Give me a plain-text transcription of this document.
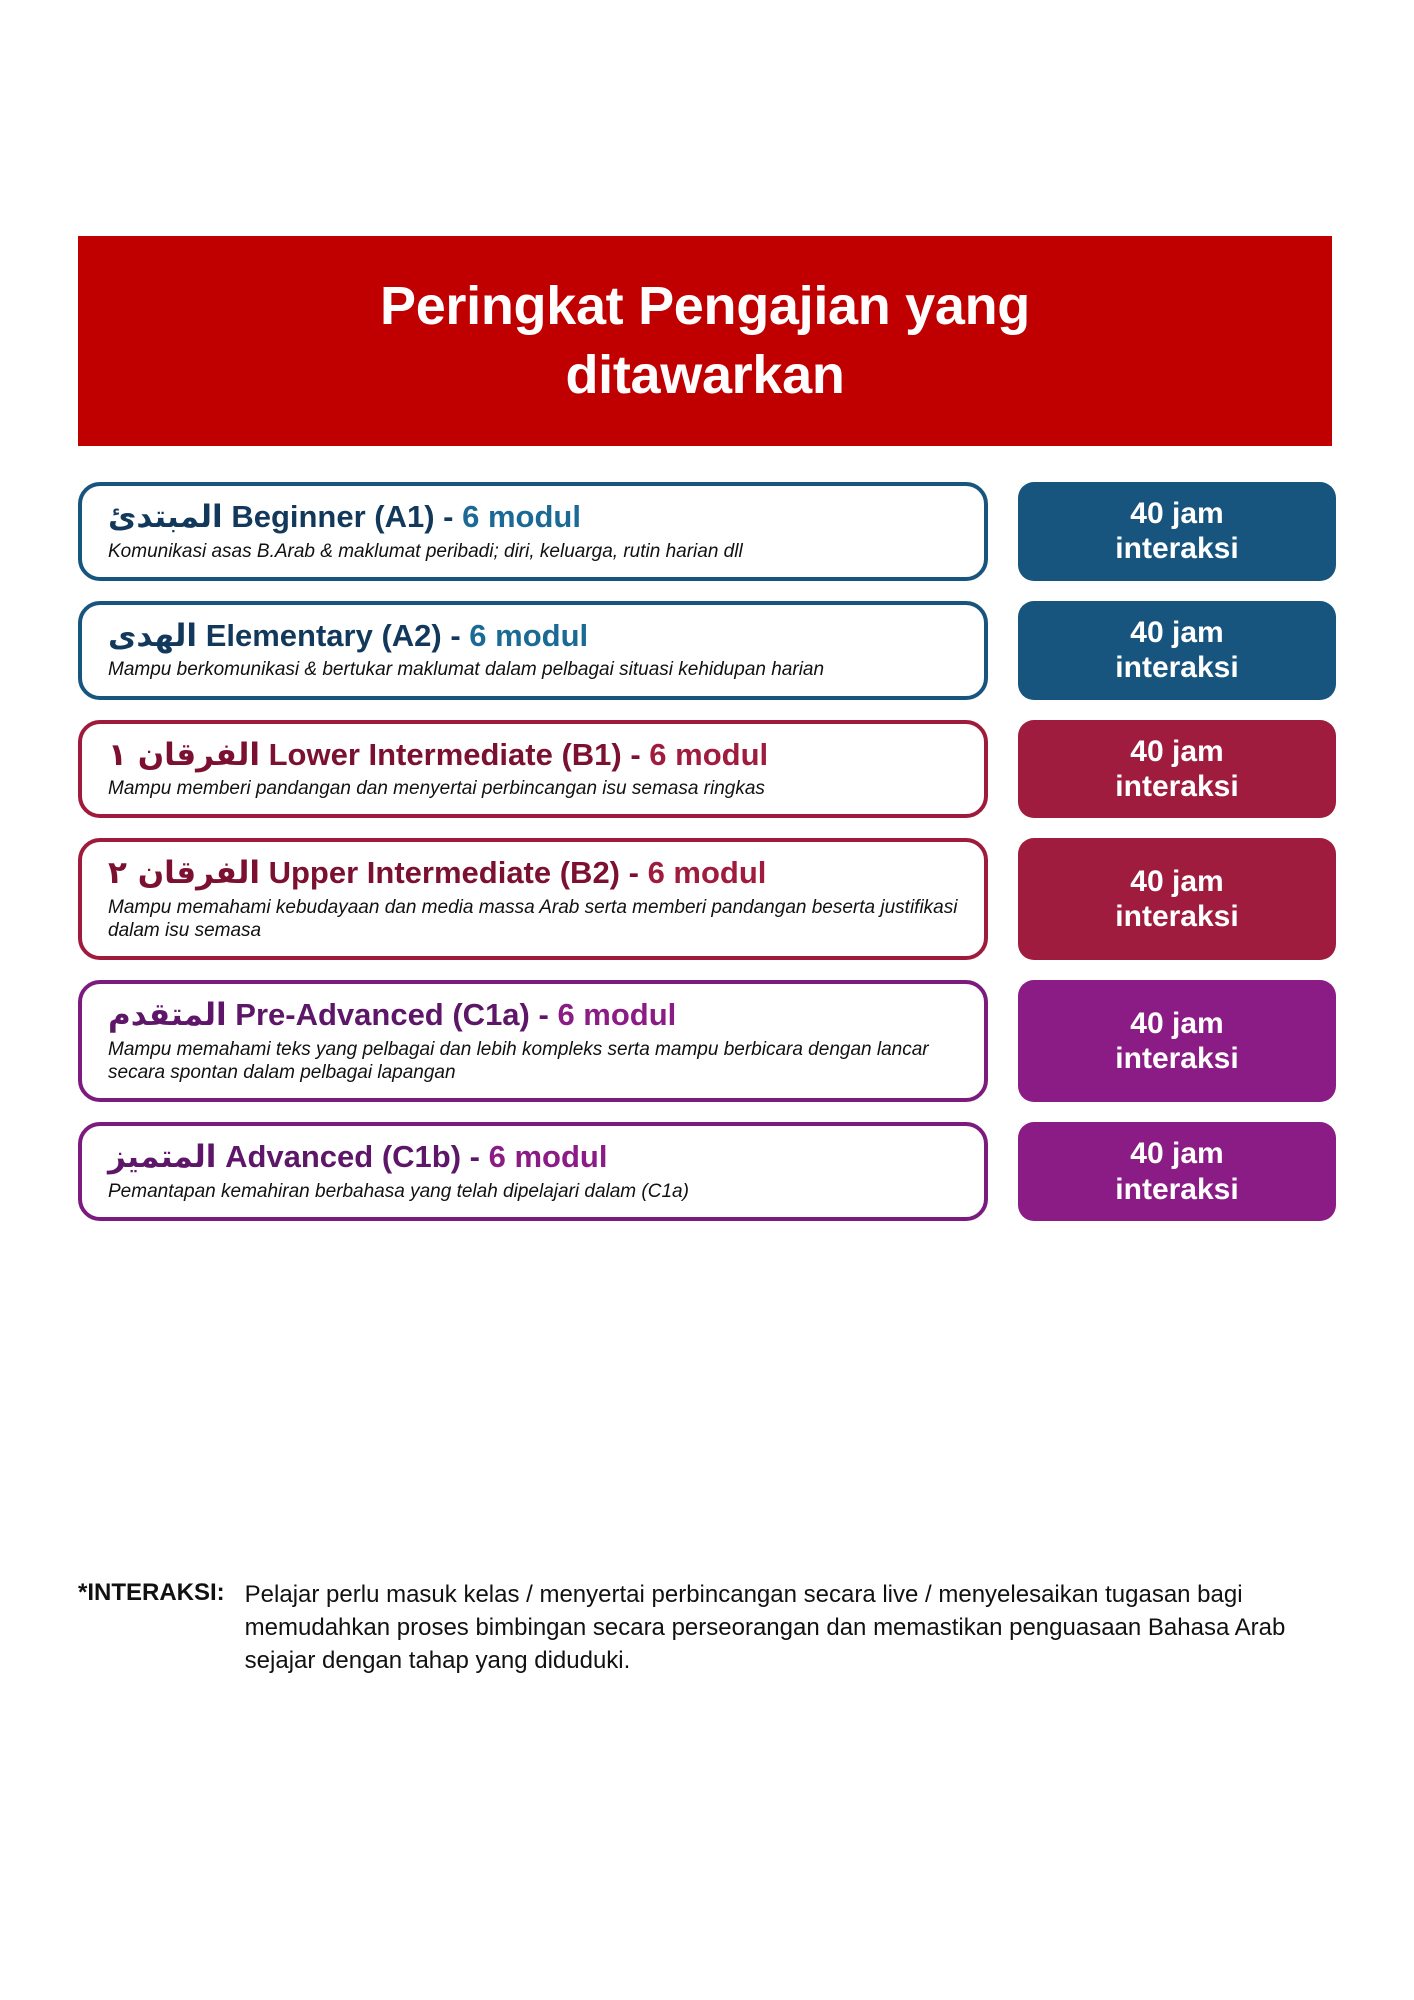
Peringkat Pengajian yang
ditawarkan
المبتدئ Beginner (A1) - 6 modul
Komunikasi asas B.Arab & maklumat peribadi; diri, keluarga, rutin harian dll
40 jam
interaksi
الهدى Elementary (A2) - 6 modul
Mampu berkomunikasi & bertukar maklumat dalam pelbagai situasi kehidupan harian
40 jam
interaksi
الفرقان ١ Lower Intermediate (B1) - 6 modul
Mampu memberi pandangan dan menyertai perbincangan isu semasa ringkas
40 jam
interaksi
الفرقان ٢ Upper Intermediate (B2) - 6 modul
Mampu memahami kebudayaan dan media massa Arab serta memberi pandangan beserta justifikasi dalam isu semasa
40 jam
interaksi
المتقدم Pre-Advanced (C1a) - 6 modul
Mampu memahami teks yang pelbagai dan lebih kompleks serta mampu berbicara dengan lancar secara spontan dalam pelbagai lapangan
40 jam
interaksi
المتميز Advanced (C1b) - 6 modul
Pemantapan kemahiran berbahasa yang telah dipelajari dalam (C1a)
40 jam
interaksi
*INTERAKSI: Pelajar perlu masuk kelas / menyertai perbincangan secara live / menyelesaikan tugasan bagi memudahkan proses bimbingan secara perseorangan dan memastikan penguasaan Bahasa Arab sejajar dengan tahap yang diduduki.
